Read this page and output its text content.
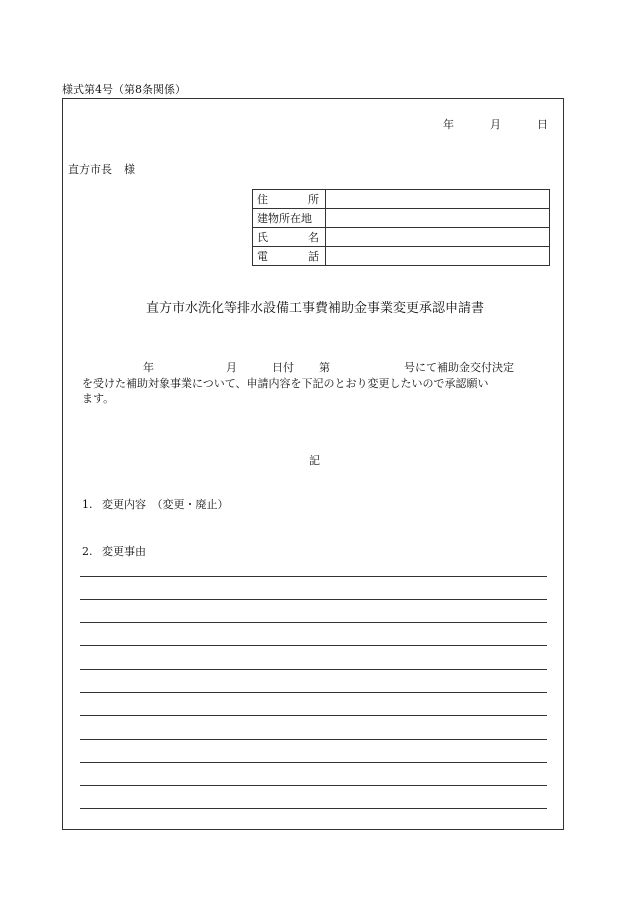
様式第4号（第8条関係）
年	月	日
直方市長 様
住　所	
建物所在地	
氏　名	
電　話	
直方市水洗化等排水設備工事費補助金事業変更承認申請書
年	月	日付 第	号にて補助金交付決定
を受けた補助対象事業について、申請内容を下記のとおり変更したいので承認願い
ます。
記
1. 変更内容　（変更・廃止）
2. 変更事由
